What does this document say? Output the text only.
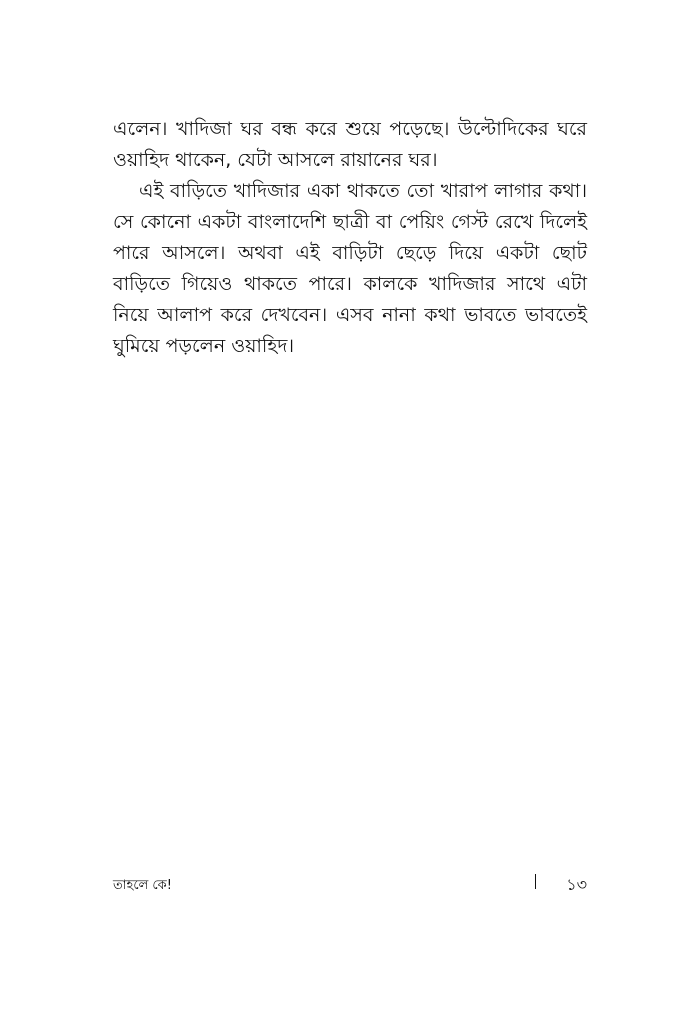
এলেন। খাদিজা ঘর বন্ধ করে শুয়ে পড়েছে। উল্টোদিকের ঘরে ওয়াহিদ থাকেন, যেটা আসলে রায়ানের ঘর।

এই বাড়িতে খাদিজার একা থাকতে তো খারাপ লাগার কথা। সে কোনো একটা বাংলাদেশি ছাত্রী বা পেয়িং গেস্ট রেখে দিলেই পারে আসলে। অথবা এই বাড়িটা ছেড়ে দিয়ে একটা ছোট বাড়িতে গিয়েও থাকতে পারে। কালকে খাদিজার সাথে এটা নিয়ে আলাপ করে দেখবেন। এসব নানা কথা ভাবতে ভাবতেই ঘুমিয়ে পড়লেন ওয়াহিদ।

তাহলে কে!	১৩
